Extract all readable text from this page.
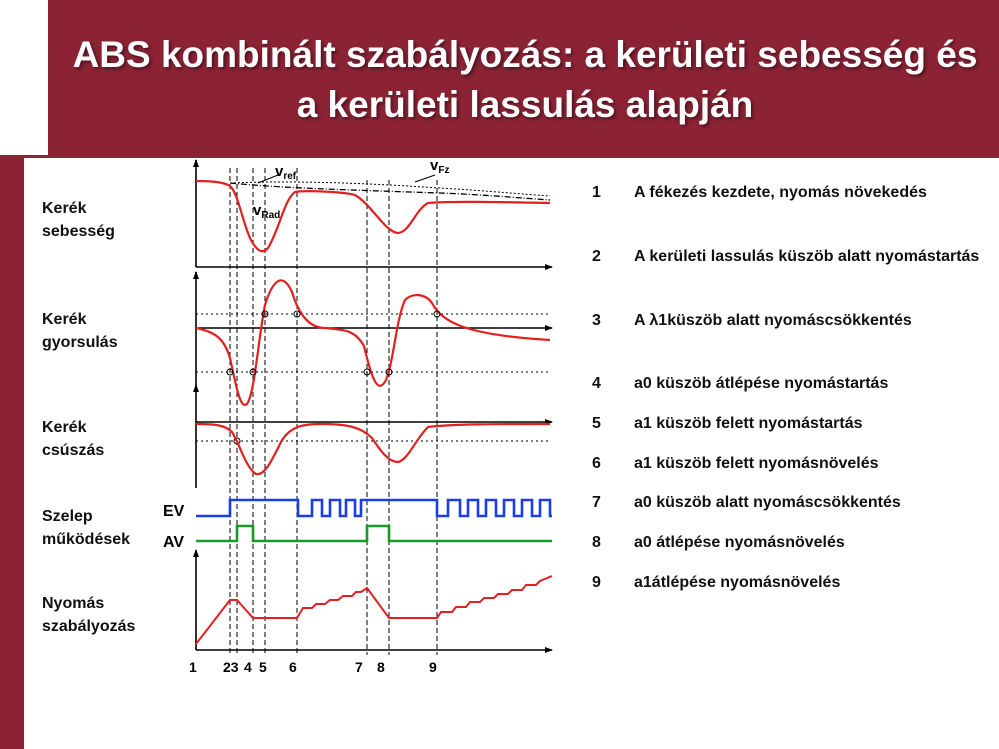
ABS kombinált szabályozás: a kerületi sebesség és a kerületi lassulás alapján
Kerék sebesség
Kerék gyorsulás
Kerék csúszás
Szelep működések
Nyomás szabályozás
$v_{ref}$
$v_{Fz}$
$v_{Rad}$
EV
AV
1 23 4 5 6	7 8	9
1 A fékezés kezdete, nyomás növekedés
2 A kerületi lassulás küszöb alatt nyomástartás
3 A λ1küszöb alatt nyomáscsökkentés
4 a0 küszöb átlépése nyomástartás
5 a1 küszöb felett nyomástartás
6 a1 küszöb felett nyomásnövelés
7 a0 küszöb alatt nyomáscsökkentés
8 a0 átlépése nyomásnövelés
9 a1átlépése nyomásnövelés
